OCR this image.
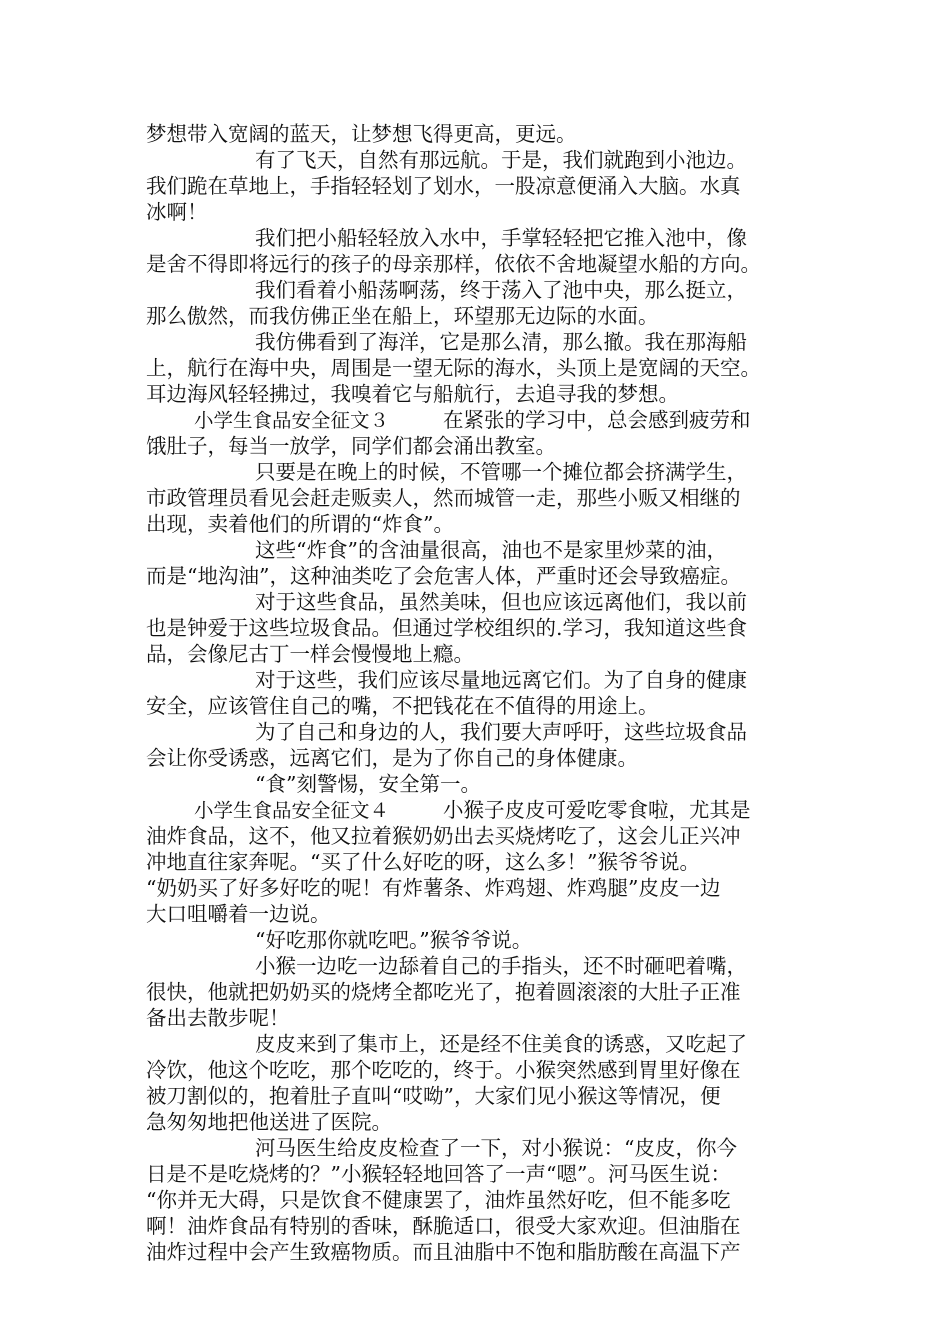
梦想带入宽阔的蓝天，让梦想飞得更高，更远。
有了飞天，自然有那远航。于是，我们就跑到小池边。
我们跪在草地上，手指轻轻划了划水，一股凉意便涌入大脑。水真
冰啊！
我们把小船轻轻放入水中，手掌轻轻把它推入池中，像
是舍不得即将远行的孩子的母亲那样，依依不舍地凝望水船的方向。
我们看着小船荡啊荡，终于荡入了池中央，那么挺立，
那么傲然，而我仿佛正坐在船上，环望那无边际的水面。
我仿佛看到了海洋，它是那么清，那么撤。我在那海船
上，航行在海中央，周围是一望无际的海水，头顶上是宽阔的天空。
耳边海风轻轻拂过，我嗅着它与船航行，去追寻我的梦想。
小学生食品安全征文３	在紧张的学习中，总会感到疲劳和
饿肚子，每当一放学，同学们都会涌出教室。
只要是在晚上的时候，不管哪一个摊位都会挤满学生，
市政管理员看见会赶走贩卖人，然而城管一走，那些小贩又相继的
出现，卖着他们的所谓的“炸食”。
这些“炸食”的含油量很高，油也不是家里炒菜的油，
而是“地沟油”，这种油类吃了会危害人体，严重时还会导致癌症。
对于这些食品，虽然美味，但也应该远离他们，我以前
也是钟爱于这些垃圾食品。但通过学校组织的.学习，我知道这些食
品，会像尼古丁一样会慢慢地上瘾。
对于这些，我们应该尽量地远离它们。为了自身的健康
安全，应该管住自己的嘴，不把钱花在不值得的用途上。
为了自己和身边的人，我们要大声呼吁，这些垃圾食品
会让你受诱惑，远离它们，是为了你自己的身体健康。
“食”刻警惕，安全第一。
小学生食品安全征文４	小猴子皮皮可爱吃零食啦，尤其是
油炸食品，这不，他又拉着猴奶奶出去买烧烤吃了，这会儿正兴冲
冲地直往家奔呢。“买了什么好吃的呀，这么多！”猴爷爷说。
“奶奶买了好多好吃的呢！有炸薯条、炸鸡翅、炸鸡腿”皮皮一边
大口咀嚼着一边说。
“好吃那你就吃吧。”猴爷爷说。
小猴一边吃一边舔着自己的手指头，还不时砸吧着嘴，
很快，他就把奶奶买的烧烤全都吃光了，抱着圆滚滚的大肚子正准
备出去散步呢！
皮皮来到了集市上，还是经不住美食的诱惑，又吃起了
冷饮，他这个吃吃，那个吃吃的，终于。小猴突然感到胃里好像在
被刀割似的，抱着肚子直叫“哎呦”，大家们见小猴这等情况，便
急匆匆地把他送进了医院。
河马医生给皮皮检查了一下，对小猴说：“皮皮，你今
日是不是吃烧烤的？”小猴轻轻地回答了一声“嗯”。河马医生说：
“你并无大碍，只是饮食不健康罢了，油炸虽然好吃，但不能多吃
啊！油炸食品有特别的香味，酥脆适口，很受大家欢迎。但油脂在
油炸过程中会产生致癌物质。而且油脂中不饱和脂肪酸在高温下产
